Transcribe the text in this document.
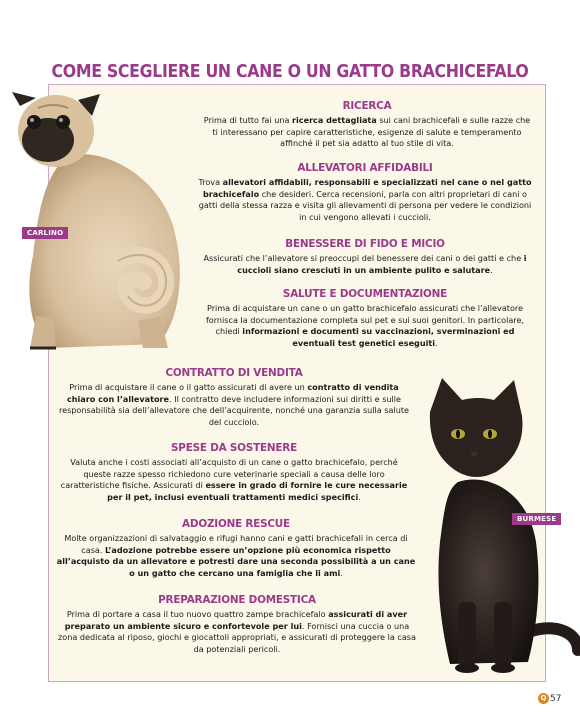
COME SCEGLIERE UN CANE O UN GATTO BRACHICEFALO
CARLINO
BURMESE
RICERCA

Prima di tutto fai una ricerca dettagliata sui cani brachicefali e sulle razze che ti interessano per capire caratteristiche, esigenze di salute e temperamento affinché il pet sia adatto al tuo stile di vita.

ALLEVATORI AFFIDABILI

Trova allevatori affidabili, responsabili e specializzati nel cane o nel gatto brachicefalo che desideri. Cerca recensioni, parla con altri proprietari di cani o gatti della stessa razza e visita gli allevamenti di persona per vedere le condizioni in cui vengono allevati i cuccioli.

BENESSERE DI FIDO E MICIO

Assicurati che l’allevatore si preoccupi del benessere dei cani o dei gatti e che i cuccioli siano cresciuti in un ambiente pulito e salutare.

SALUTE E DOCUMENTAZIONE

Prima di acquistare un cane o un gatto brachicefalo assicurati che l’allevatore fornisca la documentazione completa sul pet e sui suoi genitori. In particolare, chiedi informazioni e documenti su vaccinazioni, sverminazioni ed eventuali test genetici eseguiti.

CONTRATTO DI VENDITA

Prima di acquistare il cane o il gatto assicurati di avere un contratto di vendita chiaro con l’allevatore. Il contratto deve includere informazioni sui diritti e sulle responsabilità sia dell’allevatore che dell’acquirente, nonché una garanzia sulla salute del cucciolo.

SPESE DA SOSTENERE

Valuta anche i costi associati all’acquisto di un cane o gatto brachicefalo, perché queste razze spesso richiedono cure veterinarie speciali a causa delle loro caratteristiche fisiche. Assicurati di essere in grado di fornire le cure necessarie per il pet, inclusi eventuali trattamenti medici specifici.

ADOZIONE RESCUE

Molte organizzazioni di salvataggio e rifugi hanno cani e gatti brachicefali in cerca di casa. L’adozione potrebbe essere un’opzione più economica rispetto all’acquisto da un allevatore e potresti dare una seconda possibilità a un cane o un gatto che cercano una famiglia che li ami.

PREPARAZIONE DOMESTICA

Prima di portare a casa il tuo nuovo quattro zampe brachicefalo assicurati di aver preparato un ambiente sicuro e confortevole per lui. Fornisci una cuccia o una zona dedicata al riposo, giochi e giocattoli appropriati, e assicurati di proteggere la casa da potenziali pericoli.

Q 57
